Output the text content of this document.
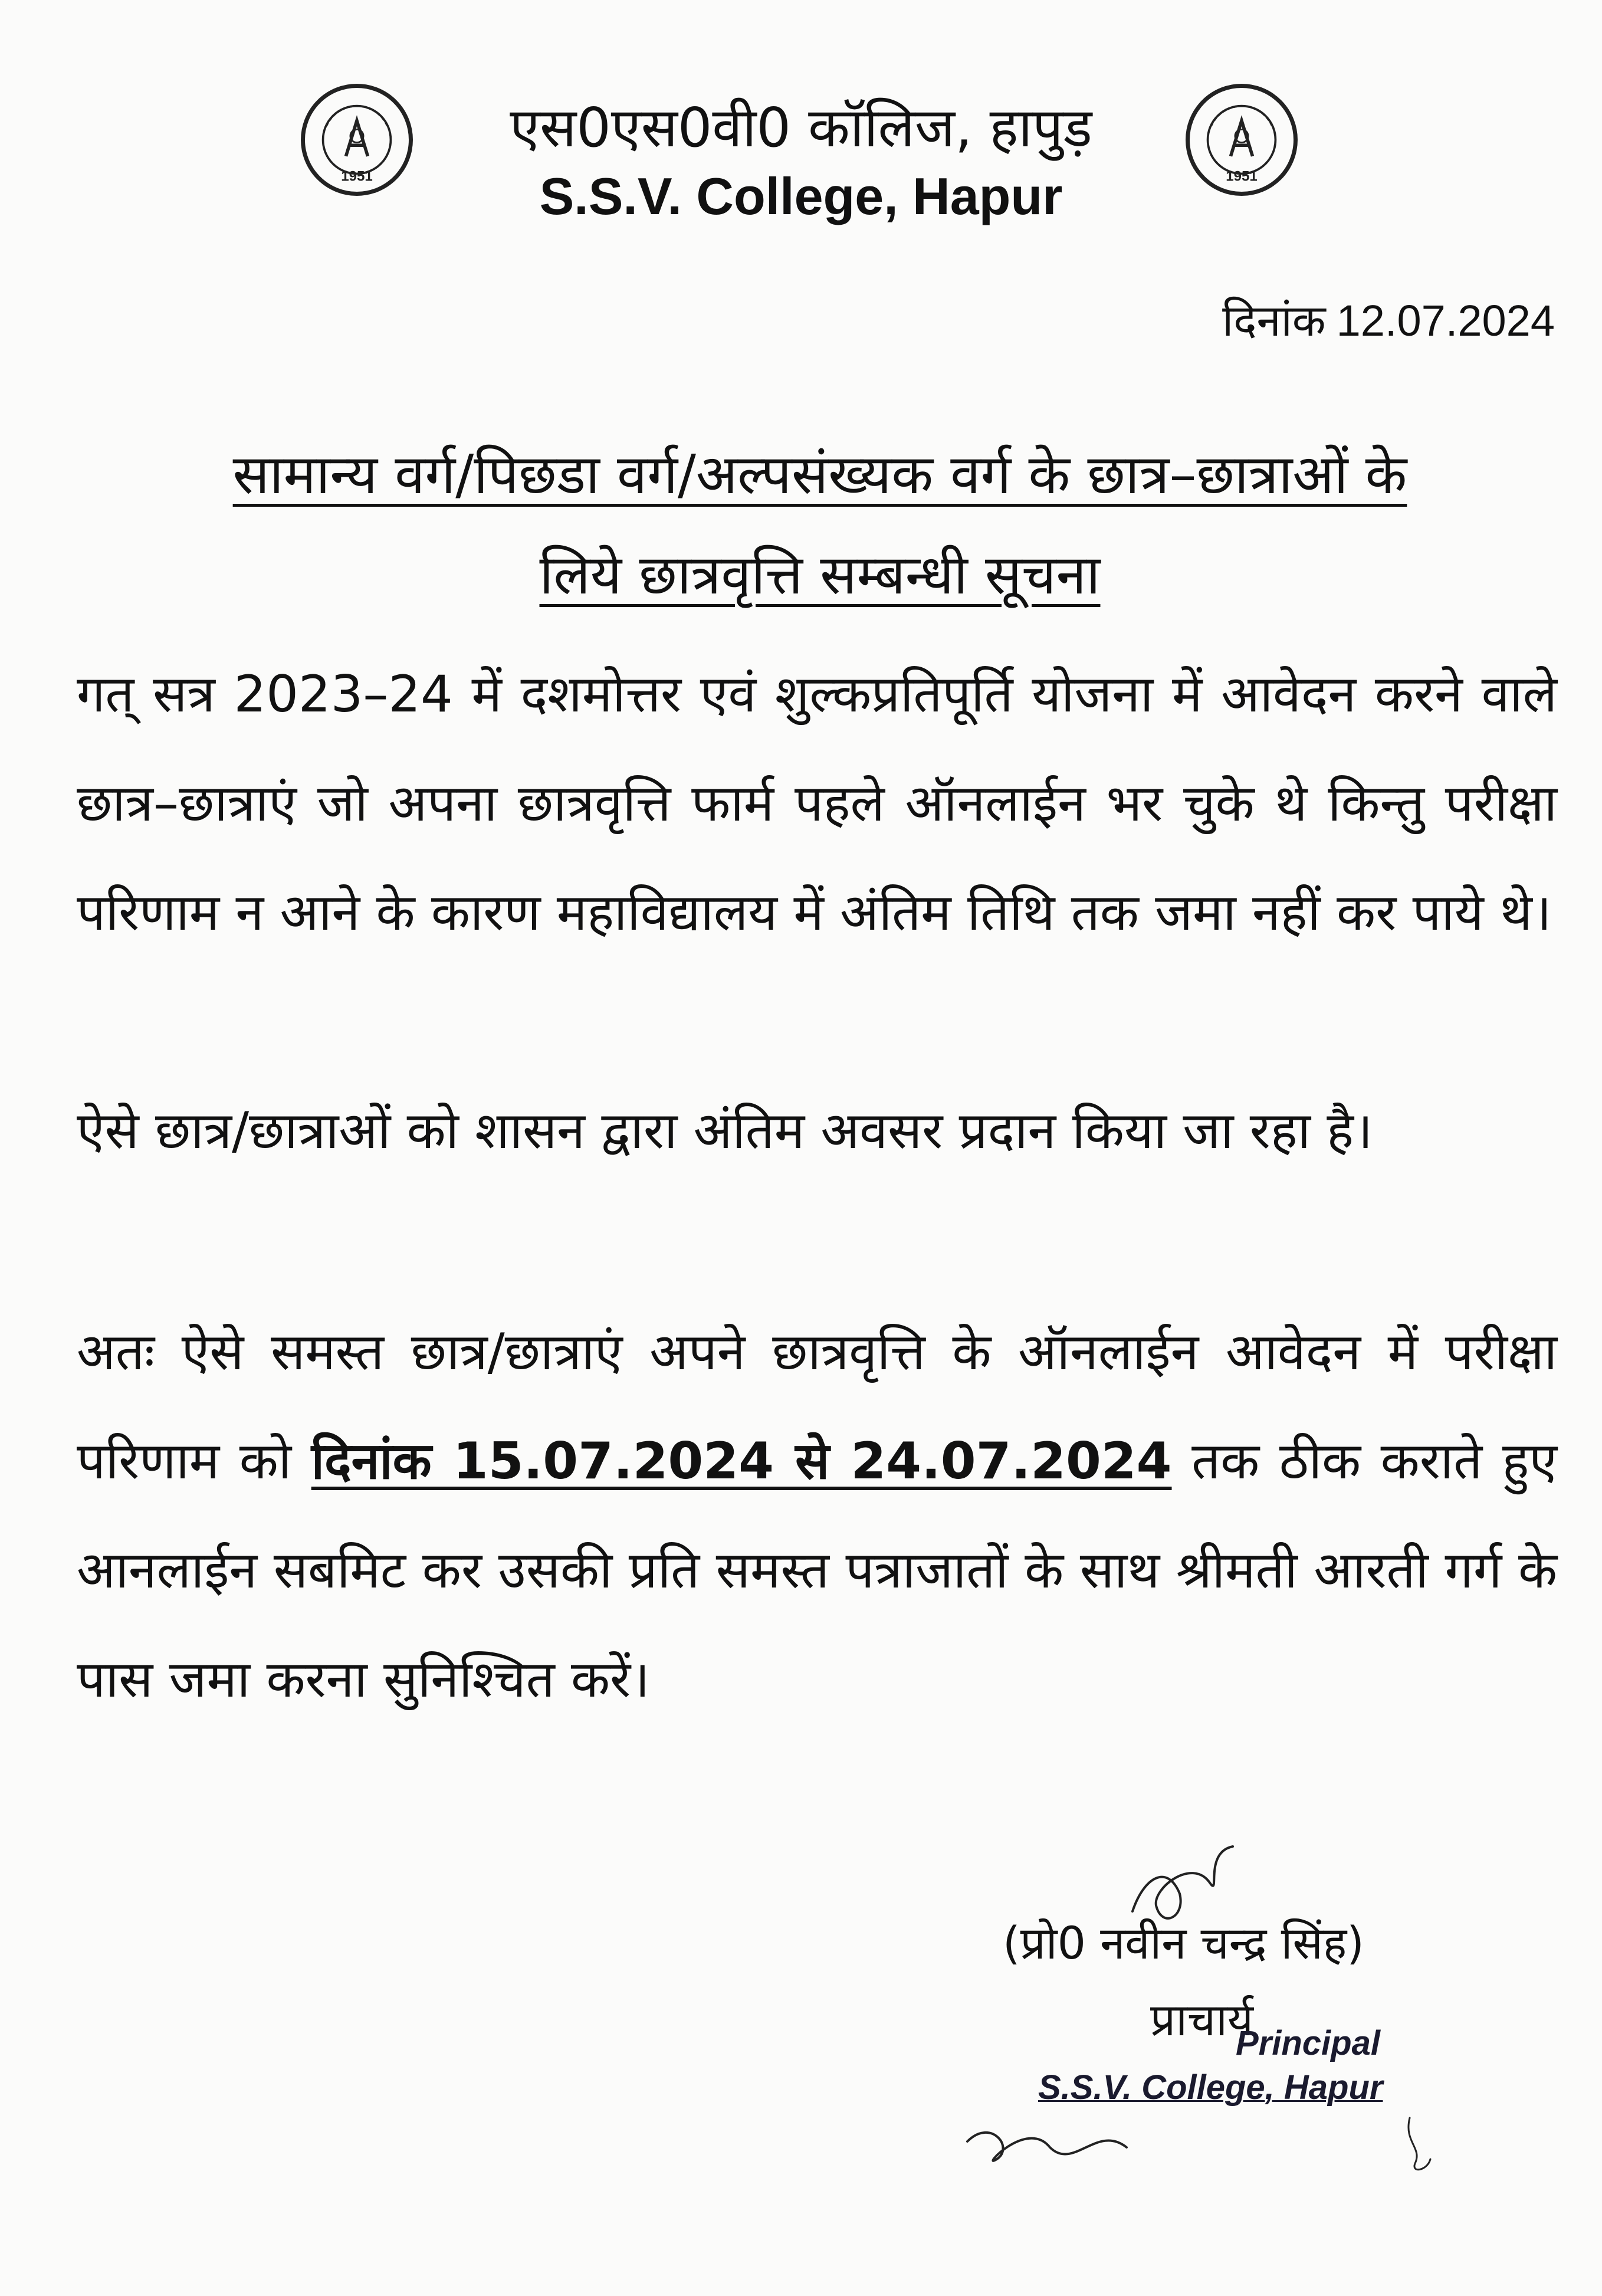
1951	1951
एस0एस0वी0 कॉलिज, हापुड़
S.S.V. College, Hapur
दिनांक 12.07.2024
सामान्य वर्ग/पिछडा वर्ग/अल्पसंख्यक वर्ग के छात्र–छात्राओं के
लिये छात्रवृत्ति सम्बन्धी सूचना
गत् सत्र 2023–24 में दशमोत्तर एवं शुल्कप्रतिपूर्ति योजना में आवेदन करने वाले छात्र–छात्राएं जो अपना छात्रवृत्ति फार्म पहले ऑनलाईन भर चुके थे किन्तु परीक्षा परिणाम न आने के कारण महाविद्यालय में अंतिम तिथि तक जमा नहीं कर पाये थे।
ऐसे छात्र/छात्राओं को शासन द्वारा अंतिम अवसर प्रदान किया जा रहा है।
अतः ऐसे समस्त छात्र/छात्राएं अपने छात्रवृत्ति के ऑनलाईन आवेदन में परीक्षा परिणाम को दिनांक 15.07.2024 से 24.07.2024 तक ठीक कराते हुए आनलाईन सबमिट कर उसकी प्रति समस्त पत्राजातों के साथ श्रीमती आरती गर्ग के पास जमा करना सुनिश्चित करें।
(प्रो0 नवीन चन्द्र सिंह)
प्राचार्य
Principal
S.S.V. College, Hapur
